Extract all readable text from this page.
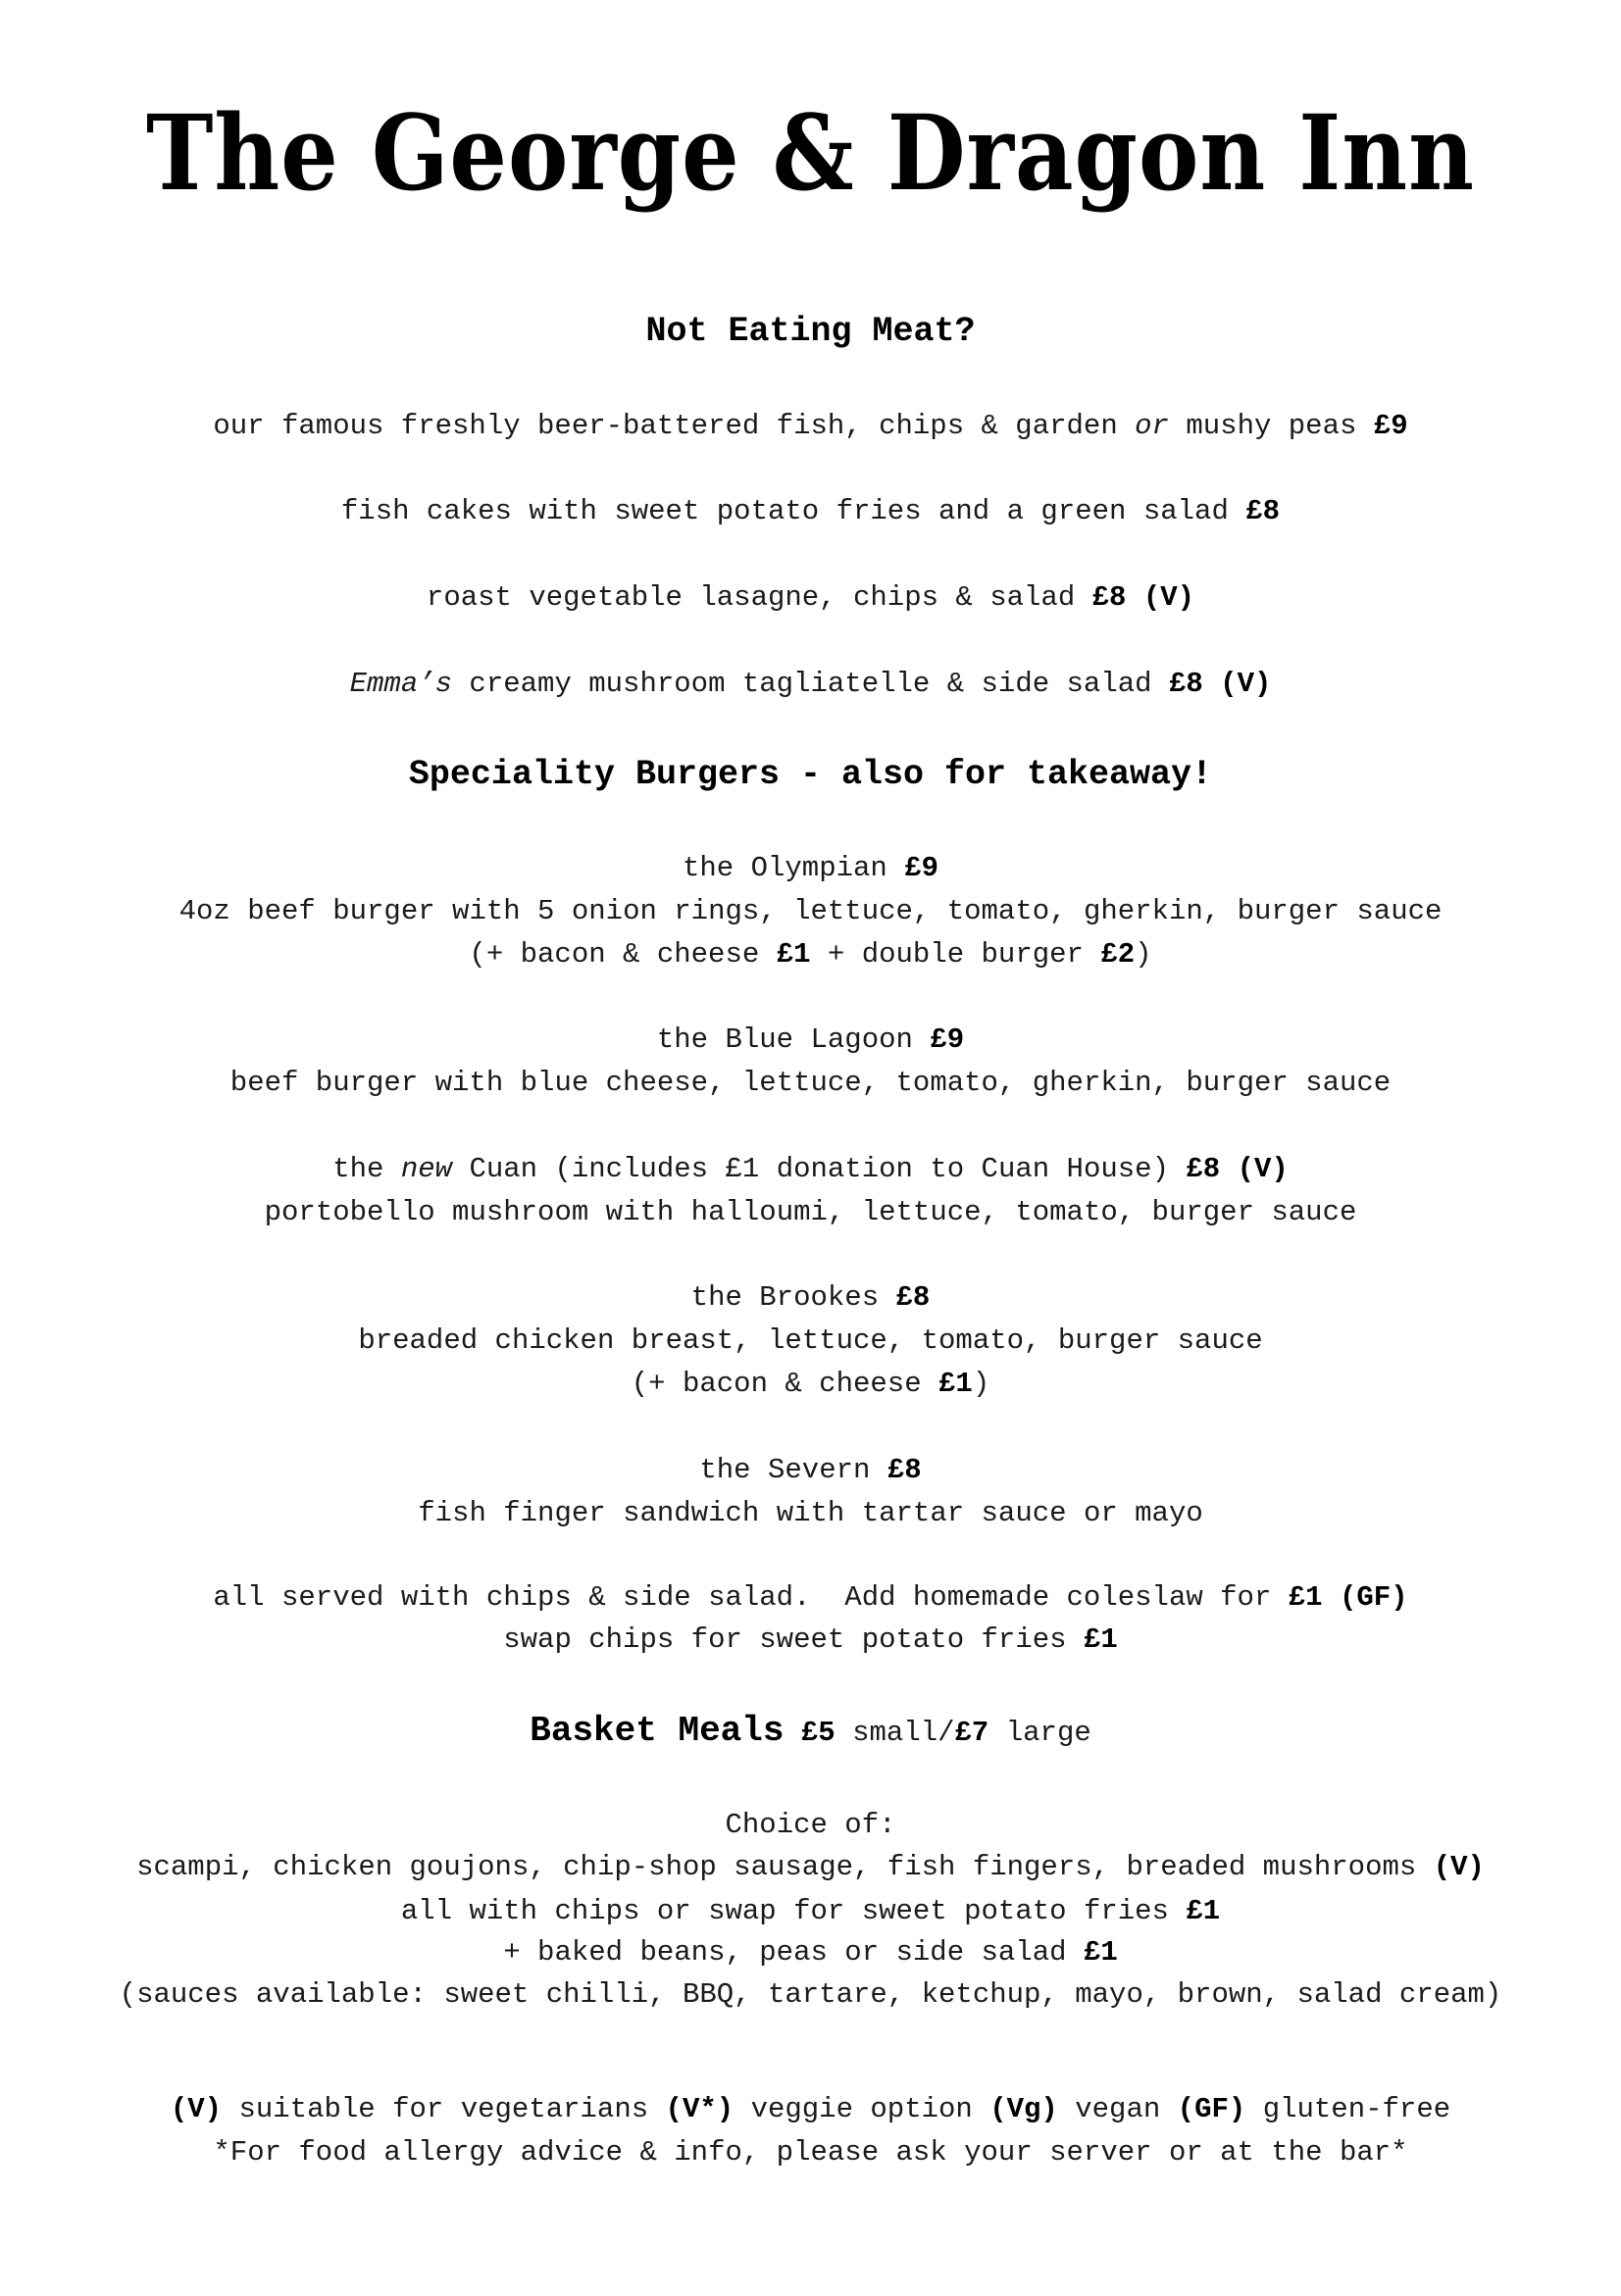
The George & Dragon Inn
Not Eating Meat?
our famous freshly beer-battered fish, chips & garden or mushy peas £9
fish cakes with sweet potato fries and a green salad £8
roast vegetable lasagne, chips & salad £8 (V)
Emma’s creamy mushroom tagliatelle & side salad £8 (V)
Speciality Burgers - also for takeaway!
the Olympian £9
4oz beef burger with 5 onion rings, lettuce, tomato, gherkin, burger sauce
(+ bacon & cheese £1 + double burger £2)
the Blue Lagoon £9
beef burger with blue cheese, lettuce, tomato, gherkin, burger sauce
the new Cuan (includes £1 donation to Cuan House) £8 (V)
portobello mushroom with halloumi, lettuce, tomato, burger sauce
the Brookes £8
breaded chicken breast, lettuce, tomato, burger sauce
(+ bacon & cheese £1)
the Severn £8
fish finger sandwich with tartar sauce or mayo
all served with chips & side salad.  Add homemade coleslaw for £1 (GF)
swap chips for sweet potato fries £1
Basket Meals £5 small/£7 large
Choice of:
scampi, chicken goujons, chip-shop sausage, fish fingers, breaded mushrooms (V)
all with chips or swap for sweet potato fries £1
+ baked beans, peas or side salad £1
(sauces available: sweet chilli, BBQ, tartare, ketchup, mayo, brown, salad cream)
(V) suitable for vegetarians (V*) veggie option (Vg) vegan (GF) gluten-free
*For food allergy advice & info, please ask your server or at the bar*
